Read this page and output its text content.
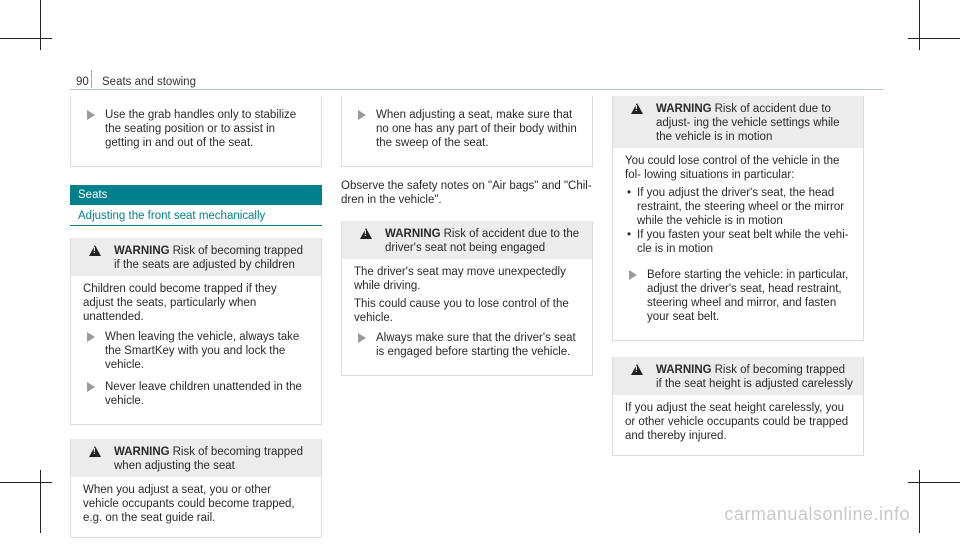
90 Seats and stowing
Use the grab handles only to stabilize the seating position or to assist in getting in and out of the seat.
Seats
Adjusting the front seat mechanically
!
WARNING Risk of becoming trapped if the seats are adjusted by children

Children could become trapped if they adjust the seats, particularly when unattended.

When leaving the vehicle, always take the SmartKey with you and lock the vehicle.
Never leave children unattended in the vehicle.
!
WARNING Risk of becoming trapped when adjusting the seat

When you adjust a seat, you or other vehicle occupants could become trapped, e.g. on the seat guide rail.

When adjusting a seat, make sure that no one has any part of their body within the sweep of the seat.

Observe the safety notes on "Air bags" and "Chil- dren in the vehicle".

!
WARNING Risk of accident due to the driver's seat not being engaged

The driver's seat may move unexpectedly while driving.

This could cause you to lose control of the vehicle.

Always make sure that the driver's seat is engaged before starting the vehicle.
!
WARNING Risk of accident due to adjust- ing the vehicle settings while the vehicle is in motion

You could lose control of the vehicle in the fol- lowing situations in particular:

• If you adjust the driver's seat, the head restraint, the steering wheel or the mirror while the vehicle is in motion
• If you fasten your seat belt while the vehi- cle is in motion
Before starting the vehicle: in particular, adjust the driver's seat, head restraint, steering wheel and mirror, and fasten your seat belt.
!
WARNING Risk of becoming trapped if the seat height is adjusted carelessly

If you adjust the seat height carelessly, you or other vehicle occupants could be trapped and thereby injured.

carmanualsonline.info
